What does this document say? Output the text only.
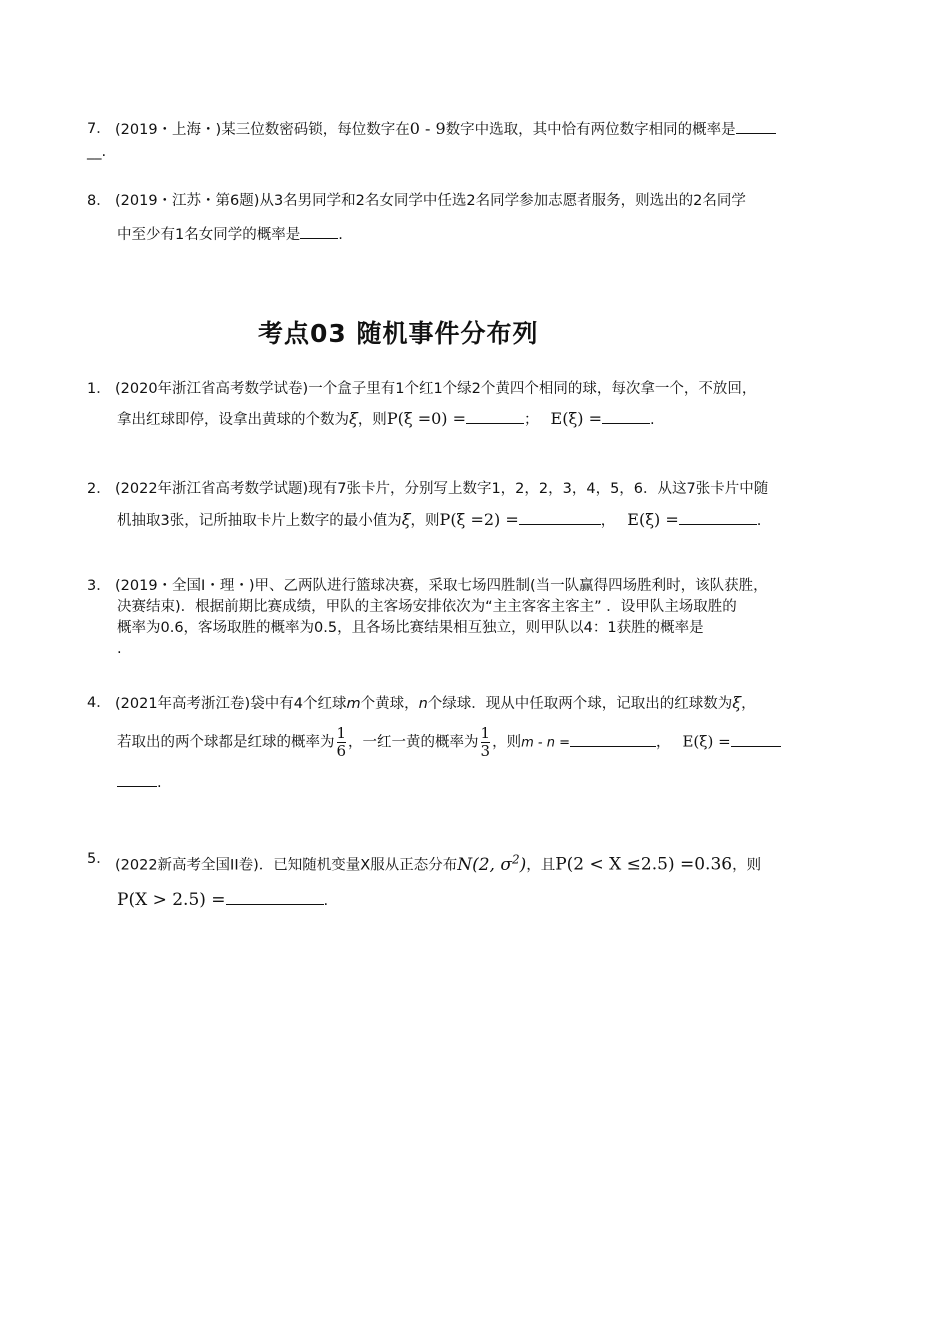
7． (2019・上海・)某三位数密码锁，每位数字在0 - 9数字中选取，其中恰有两位数字相同的概率是
__.
8． (2019・江苏・第6题)从3名男同学和2名女同学中任选2名同学参加志愿者服务，则选出的2名同学
中至少有1名女同学的概率是	.
考点03 随机事件分布列
1． (2020年浙江省高考数学试卷)一个盒子里有1个红1个绿2个黄四个相同的球，每次拿一个，不放回，
拿出红球即停，设拿出黄球的个数为ξ，则P(ξ =0) =	； E(ξ) =	.
2． (2022年浙江省高考数学试题)现有7张卡片，分别写上数字1，2，2，3，4，5，6．从这7张卡片中随
机抽取3张，记所抽取卡片上数字的最小值为ξ，则P(ξ =2) =	， E(ξ) =	.
3． (2019・全国Ⅰ・理・)甲、乙两队进行篮球决赛，采取七场四胜制(当一队赢得四场胜利时，该队获胜，
决赛结束)．根据前期比赛成绩，甲队的主客场安排依次为“主主客客主客主” ．设甲队主场取胜的
概率为0.6，客场取胜的概率为0.5，且各场比赛结果相互独立，则甲队以4：1获胜的概率是
.
4． (2021年高考浙江卷)袋中有4个红球m个黄球，n个绿球．现从中任取两个球，记取出的红球数为ξ，
若取出的两个球都是红球的概率为 $\frac{1}{6}$ ，一红一黄的概率为 $\frac{1}{3}$ ，则m - n =	， E(ξ) =
.
5． (2022新高考全国II卷)．已知随机变量X服从正态分布N(2, $\sigma^2$)，且P(2 < X ≤2.5) =0.36，则
P(X > 2.5) =	.
